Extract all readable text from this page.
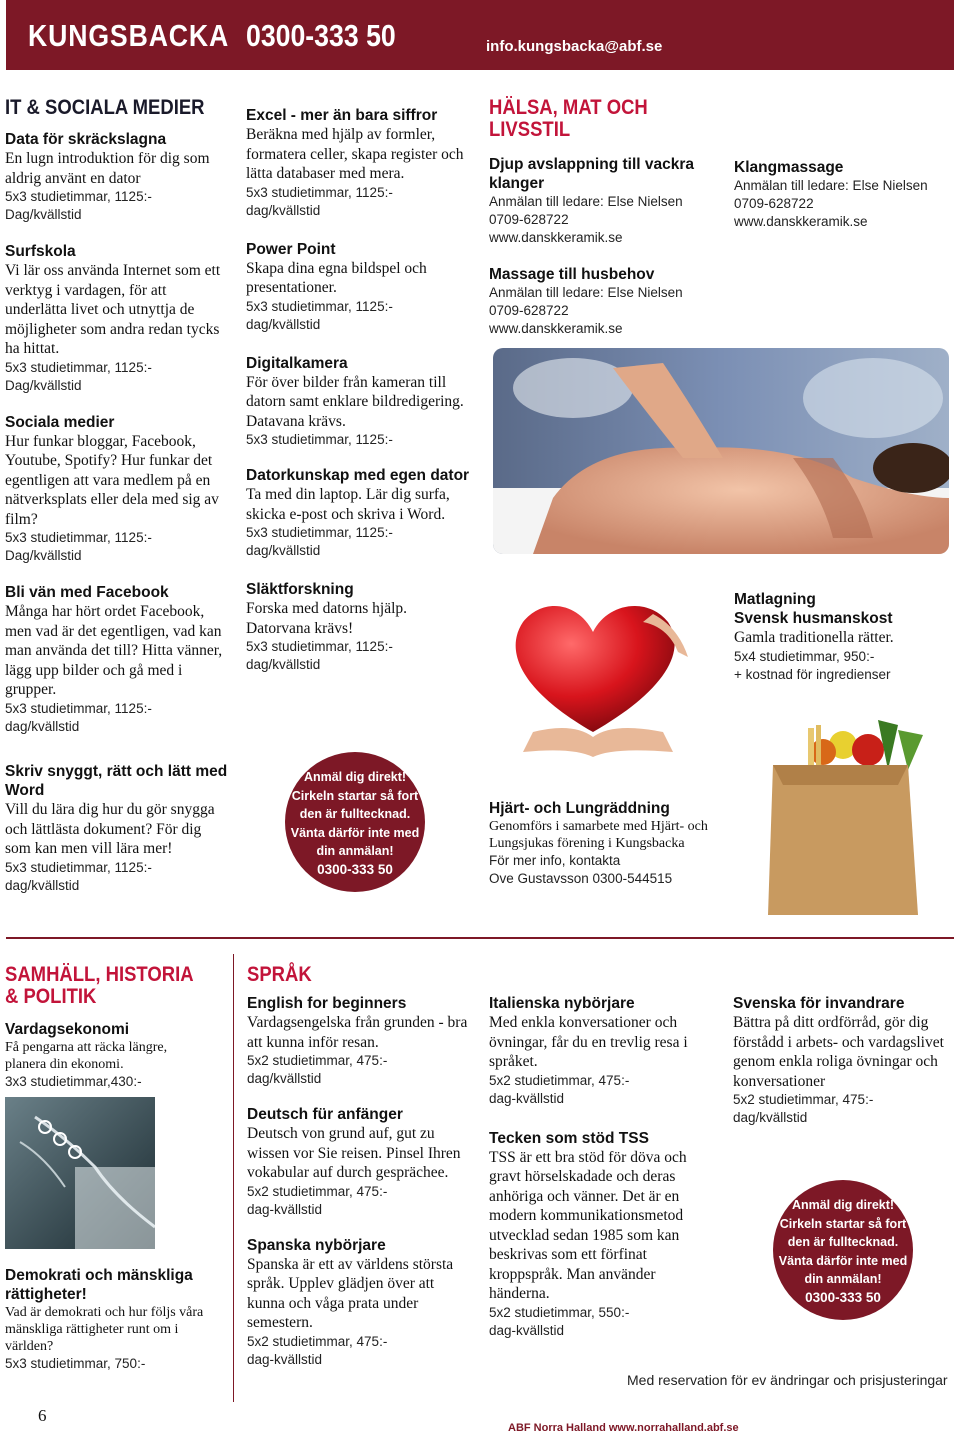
KUNGSBACKA 0300-333 50	info.kungsbacka@abf.se
IT & SOCIALA MEDIER
Data för skräckslagna
En lugn introduktion för dig som aldrig använt en dator
5x3 studietimmar, 1125:-
Dag/kvällstid
Surfskola
Vi lär oss använda Internet som ett verktyg i vardagen, för att underlätta livet och utnyttja de möjligheter som andra redan tycks ha hittat.
5x3 studietimmar, 1125:-
Dag/kvällstid
Sociala medier
Hur funkar bloggar, Facebook, Youtube, Spotify? Hur funkar det egentligen att vara medlem på en nätverksplats eller dela med sig av film?
5x3 studietimmar, 1125:-
Dag/kvällstid
Bli vän med Facebook
Många har hört ordet Facebook, men vad är det egentligen, vad kan man använda det till? Hitta vänner, lägg upp bilder och gå med i grupper.
5x3 studietimmar, 1125:-
dag/kvällstid
Skriv snyggt, rätt och lätt med Word
Vill du lära dig hur du gör snygga och lättlästa dokument? För dig som kan men vill lära mer!
5x3 studietimmar, 1125:-
dag/kvällstid
Excel - mer än bara siffror
Beräkna med hjälp av formler, formatera celler, skapa register och lätta databaser med mera.
5x3 studietimmar, 1125:-
dag/kvällstid
Power Point
Skapa dina egna bildspel och presentationer.
5x3 studietimmar, 1125:-
dag/kvällstid
Digitalkamera
För över bilder från kameran till datorn samt enklare bildredigering. Datavana krävs.
5x3 studietimmar, 1125:-
Datorkunskap med egen dator
Ta med din laptop. Lär dig surfa, skicka e-post och skriva i Word.
5x3 studietimmar, 1125:-
dag/kvällstid
Släktforskning
Forska med datorns hjälp. Datorvana krävs!
5x3 studietimmar, 1125:-
dag/kvällstid
Anmäl dig direkt!
Cirkeln startar så fort
den är fulltecknad.
Vänta därför inte med
din anmälan!
0300-333 50
HÄLSA, MAT OCH
LIVSSTIL
Djup avslappning till vackra klanger
Anmälan till ledare: Else Nielsen
0709-628722
www.danskkeramik.se
Massage till husbehov
Anmälan till ledare: Else Nielsen
0709-628722
www.danskkeramik.se
Klangmassage
Anmälan till ledare: Else Nielsen
0709-628722
www.danskkeramik.se
Matlagning
Svensk husmanskost
Gamla traditionella rätter.
5x4 studietimmar, 950:-
+ kostnad för ingredienser
Hjärt- och Lungräddning
Genomförs i samarbete med Hjärt- och Lungsjukas förening i Kungsbacka
För mer info, kontakta
Ove Gustavsson 0300-544515
SAMHÄLL, HISTORIA
& POLITIK
Vardagsekonomi
Få pengarna att räcka längre, planera din ekonomi.
3x3 studietimmar,430:-
Demokrati och mänskliga rättigheter!
Vad är demokrati och hur följs våra mänskliga rättigheter runt om i världen?
5x3 studietimmar, 750:-
SPRÅK
English for beginners
Vardagsengelska från grunden - bra att kunna inför resan.
5x2 studietimmar, 475:-
dag/kvällstid
Deutsch für anfänger
Deutsch von grund auf, gut zu wissen vor Sie reisen. Pinsel Ihren vokabular auf durch gesprächee.
5x2 studietimmar, 475:-
dag-kvällstid
Spanska nybörjare
Spanska är ett av världens största språk. Upplev glädjen över att kunna och våga prata under semestern.
5x2 studietimmar, 475:-
dag-kvällstid
Italienska nybörjare
Med enkla konversationer och övningar, får du en trevlig resa i språket.
5x2 studietimmar, 475:-
dag-kvällstid
Tecken som stöd TSS
TSS är ett bra stöd för döva och gravt hörselskadade och deras anhöriga och vänner. Det är en modern kommunikationsmetod utvecklad sedan 1985 som kan beskrivas som ett förfinat kroppspråk. Man använder händerna.
5x2 studietimmar, 550:-
dag-kvällstid
Svenska för invandrare
Bättra på ditt ordförråd, gör dig förstådd i arbets- och vardagslivet genom enkla roliga övningar och konversationer
5x2 studietimmar, 475:-
dag/kvällstid
Anmäl dig direkt!
Cirkeln startar så fort
den är fulltecknad.
Vänta därför inte med
din anmälan!
0300-333 50
Med reservation för ev ändringar och prisjusteringar
6
ABF Norra Halland www.norrahalland.abf.se
